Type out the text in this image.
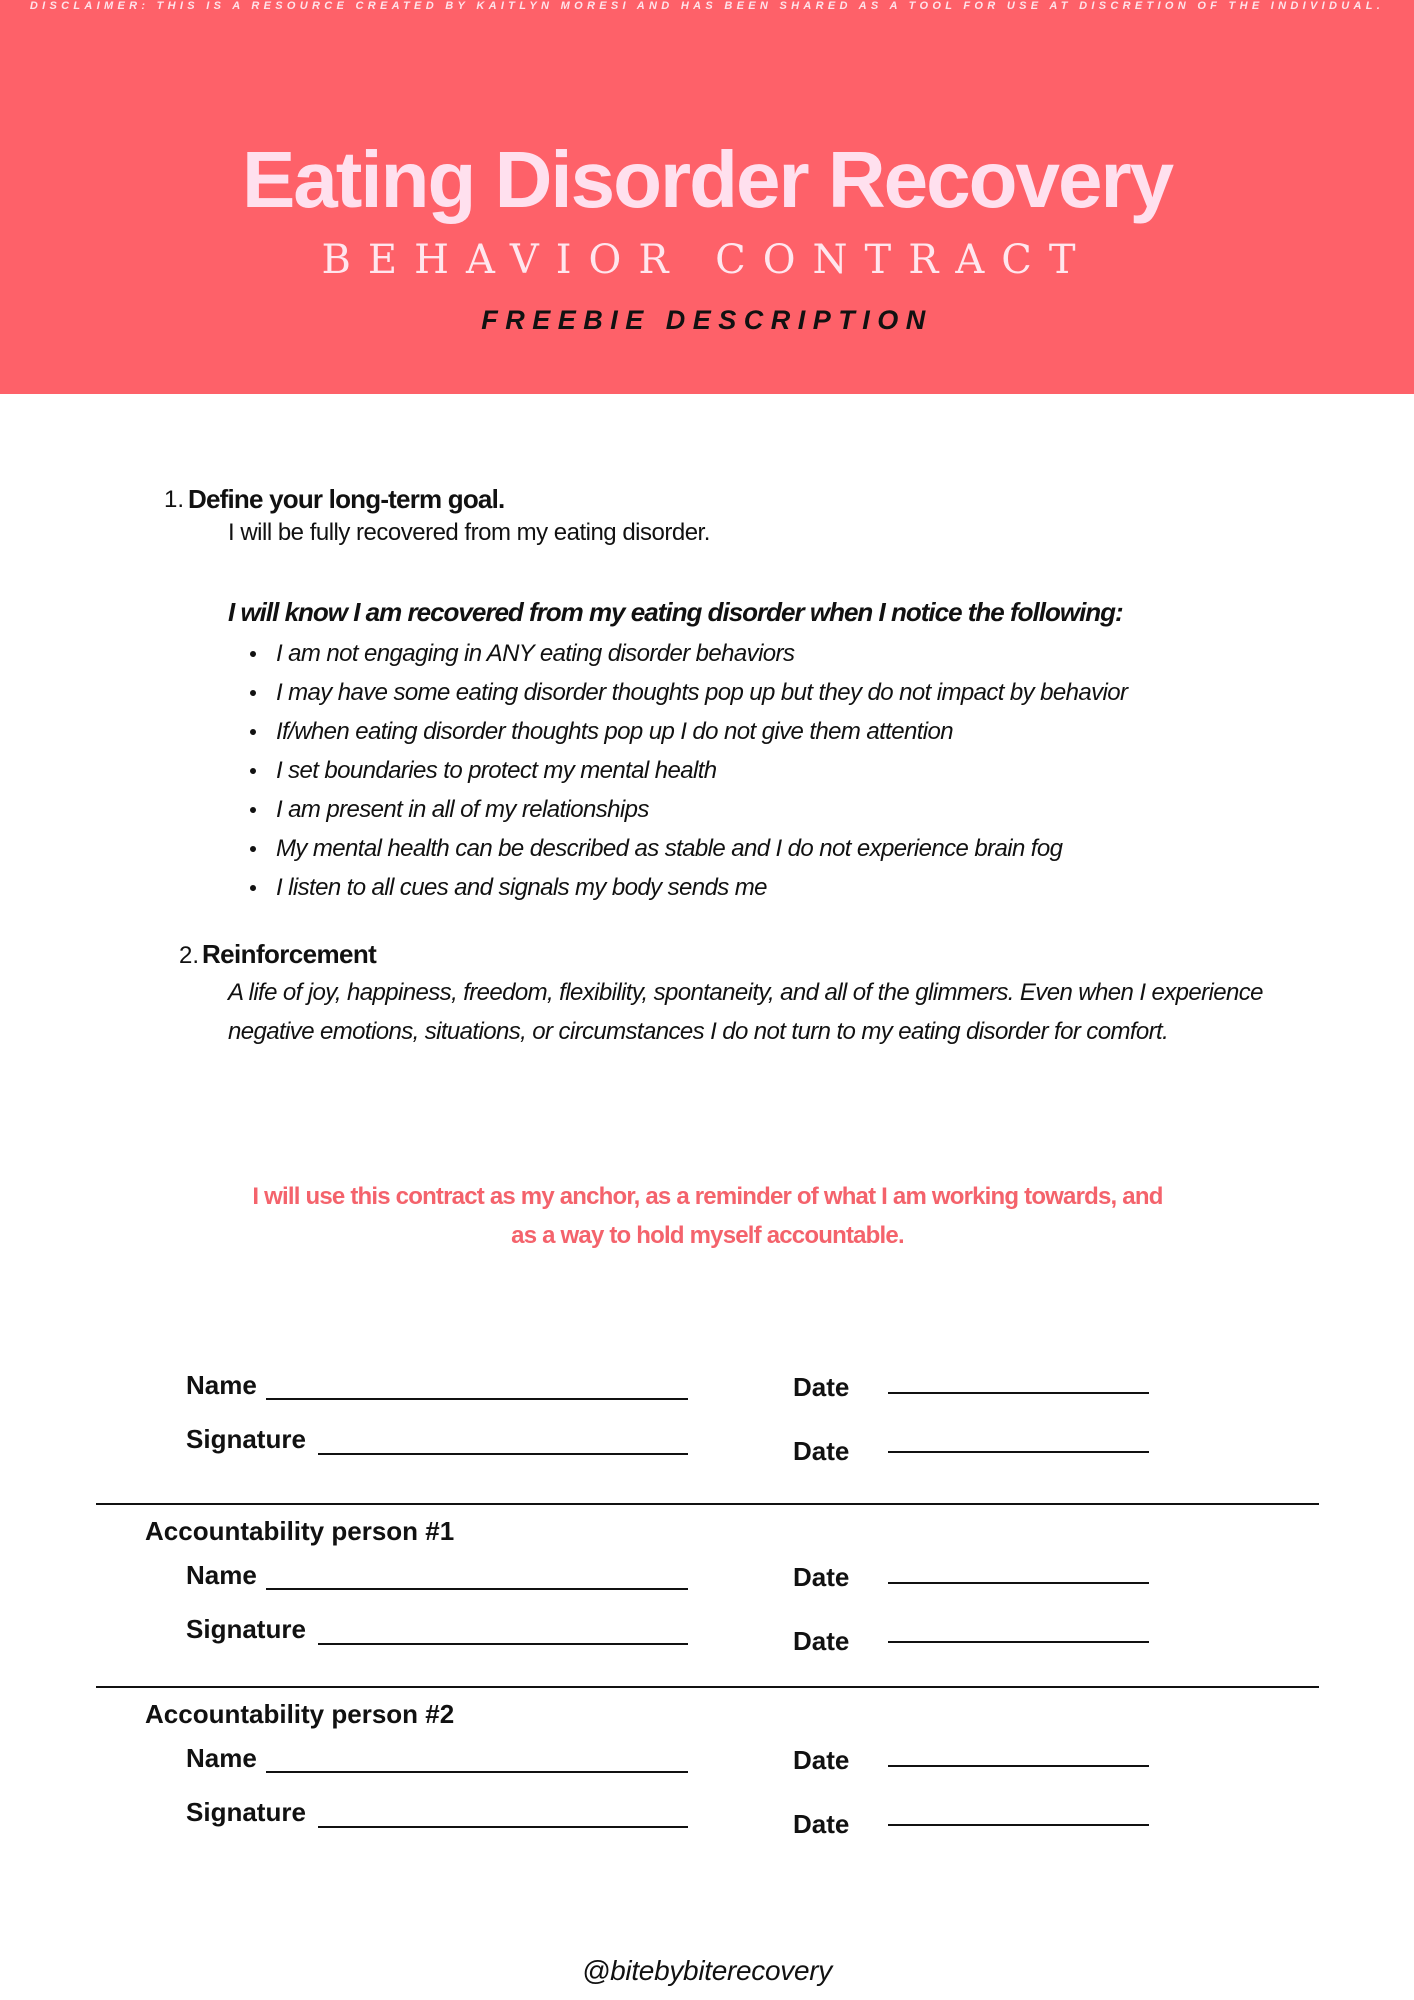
DISCLAIMER: THIS IS A RESOURCE CREATED BY KAITLYN MORESI AND HAS BEEN SHARED AS A TOOL FOR USE AT DISCRETION OF THE INDIVIDUAL.
Eating Disorder Recovery
BEHAVIOR CONTRACT
FREEBIE DESCRIPTION
1. Define your long-term goal.
I will be fully recovered from my eating disorder.
I will know I am recovered from my eating disorder when I notice the following:
I am not engaging in ANY eating disorder behaviors
I may have some eating disorder thoughts pop up but they do not impact by behavior
If/when eating disorder thoughts pop up I do not give them attention
I set boundaries to protect my mental health
I am present in all of my relationships
My mental health can be described as stable and I do not experience brain fog
I listen to all cues and signals my body sends me
2. Reinforcement
A life of joy, happiness, freedom, flexibility, spontaneity, and all of the glimmers. Even when I experience
negative emotions, situations, or circumstances I do not turn to my eating disorder for comfort.
I will use this contract as my anchor, as a reminder of what I am working towards, and
as a way to hold myself accountable.
Name	Date
Signature	Date
Accountability person #1
Name	Date
Signature	Date
Accountability person #2
Name	Date
Signature	Date
@bitebybiterecovery
